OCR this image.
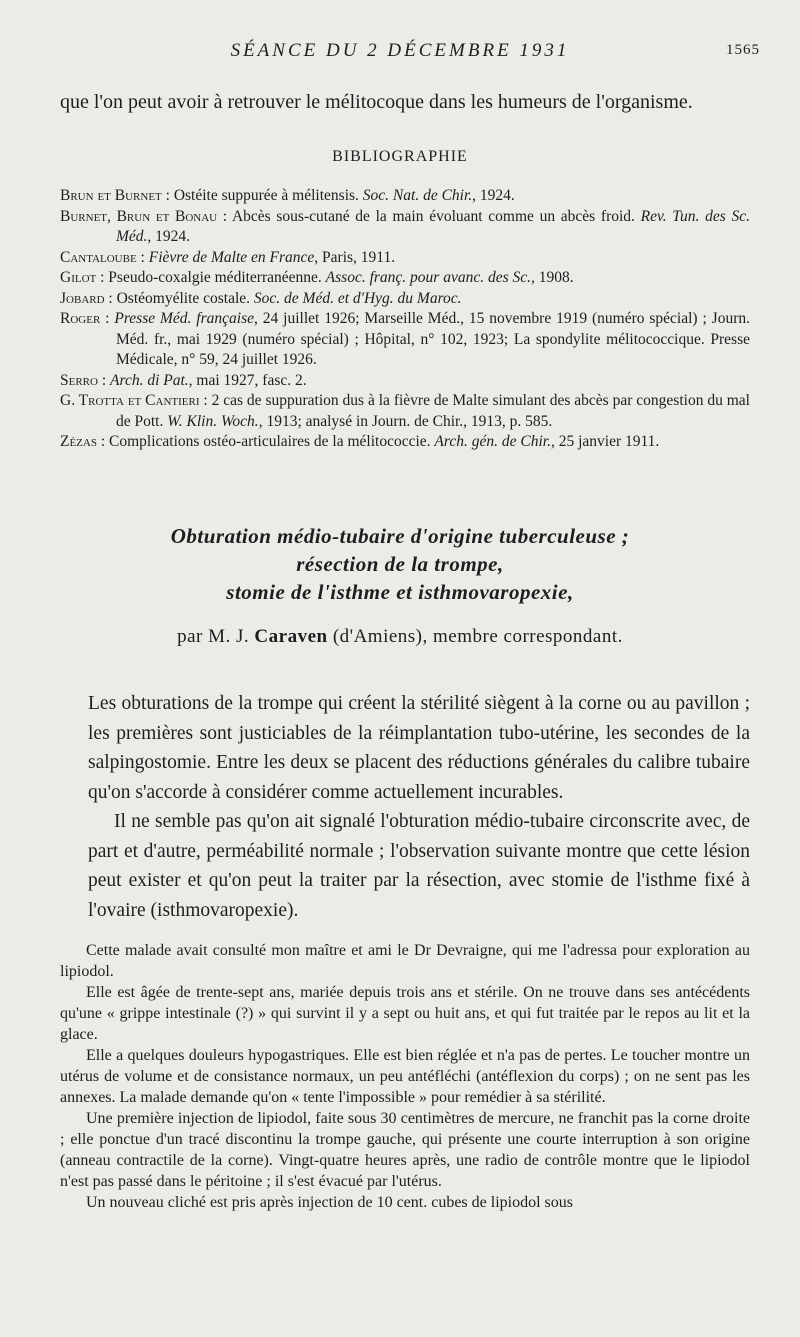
SÉANCE DU 2 DÉCEMBRE 1931	1565
que l'on peut avoir à retrouver le mélitocoque dans les humeurs de l'organisme.
BIBLIOGRAPHIE
Brun et Burnet : Ostéite suppurée à mélitensis. Soc. Nat. de Chir., 1924.
Burnet, Brun et Bonau : Abcès sous-cutané de la main évoluant comme un abcès froid. Rev. Tun. des Sc. Méd., 1924.
Cantaloube : Fièvre de Malte en France, Paris, 1911.
Gilot : Pseudo-coxalgie méditerranéenne. Assoc. franç. pour avanc. des Sc., 1908.
Jobard : Ostéomyélite costale. Soc. de Méd. et d'Hyg. du Maroc.
Roger : Presse Méd. française, 24 juillet 1926; Marseille Méd., 15 novembre 1919 (numéro spécial) ; Journ. Méd. fr., mai 1929 (numéro spécial) ; Hôpital, n° 102, 1923; La spondylite mélitococcique. Presse Médicale, n° 59, 24 juillet 1926.
Serro : Arch. di Pat., mai 1927, fasc. 2.
G. Trotta et Cantieri : 2 cas de suppuration dus à la fièvre de Malte simulant des abcès par congestion du mal de Pott. W. Klin. Woch., 1913; analysé in Journ. de Chir., 1913, p. 585.
Zézas : Complications ostéo-articulaires de la mélitococcie. Arch. gén. de Chir., 25 janvier 1911.
Obturation médio-tubaire d'origine tuberculeuse ;
résection de la trompe,
stomie de l'isthme et isthmovaropexie,
par M. J. Caraven (d'Amiens), membre correspondant.

Les obturations de la trompe qui créent la stérilité siègent à la corne ou au pavillon ; les premières sont justiciables de la réimplantation tubo-utérine, les secondes de la salpingostomie. Entre les deux se placent des réductions générales du calibre tubaire qu'on s'accorde à considérer comme actuellement incurables.

Il ne semble pas qu'on ait signalé l'obturation médio-tubaire circonscrite avec, de part et d'autre, perméabilité normale ; l'observation suivante montre que cette lésion peut exister et qu'on peut la traiter par la résection, avec stomie de l'isthme fixé à l'ovaire (isthmovaropexie).

Cette malade avait consulté mon maître et ami le Dr Devraigne, qui me l'adressa pour exploration au lipiodol.

Elle est âgée de trente-sept ans, mariée depuis trois ans et stérile. On ne trouve dans ses antécédents qu'une « grippe intestinale (?) » qui survint il y a sept ou huit ans, et qui fut traitée par le repos au lit et la glace.

Elle a quelques douleurs hypogastriques. Elle est bien réglée et n'a pas de pertes. Le toucher montre un utérus de volume et de consistance normaux, un peu antéfléchi (antéflexion du corps) ; on ne sent pas les annexes. La malade demande qu'on « tente l'impossible » pour remédier à sa stérilité.

Une première injection de lipiodol, faite sous 30 centimètres de mercure, ne franchit pas la corne droite ; elle ponctue d'un tracé discontinu la trompe gauche, qui présente une courte interruption à son origine (anneau contractile de la corne). Vingt-quatre heures après, une radio de contrôle montre que le lipiodol n'est pas passé dans le péritoine ; il s'est évacué par l'utérus.

Un nouveau cliché est pris après injection de 10 cent. cubes de lipiodol sous
